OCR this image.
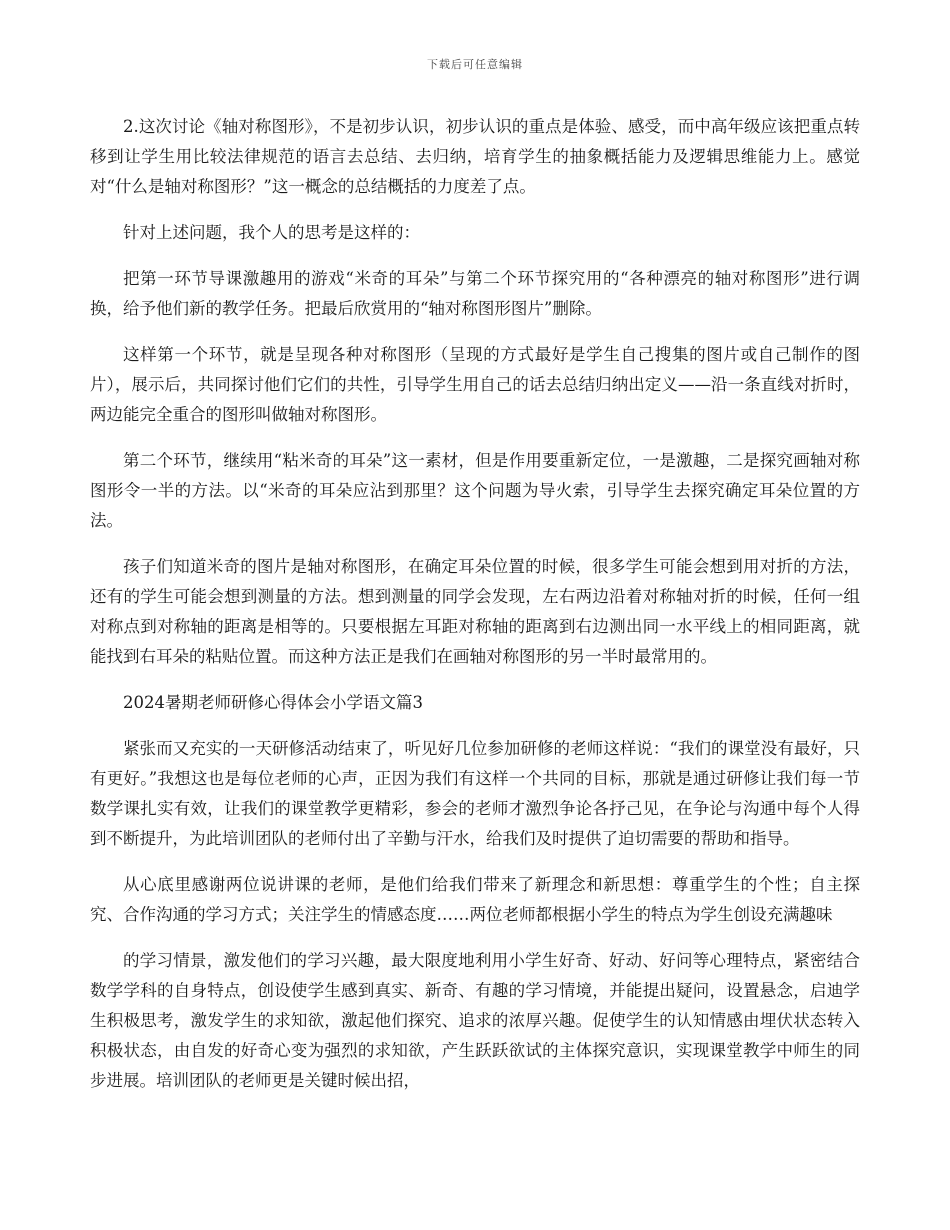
下载后可任意编辑

2.这次讨论《轴对称图形》，不是初步认识，初步认识的重点是体验、感受，而中高年级应该把重点转移到让学生用比较法律规范的语言去总结、去归纳，培育学生的抽象概括能力及逻辑思维能力上。感觉对“什么是轴对称图形？”这一概念的总结概括的力度差了点。

针对上述问题，我个人的思考是这样的：

把第一环节导课激趣用的游戏“米奇的耳朵”与第二个环节探究用的“各种漂亮的轴对称图形”进行调换，给予他们新的教学任务。把最后欣赏用的“轴对称图形图片”删除。

这样第一个环节，就是呈现各种对称图形（呈现的方式最好是学生自己搜集的图片或自己制作的图片），展示后，共同探讨他们它们的共性，引导学生用自己的话去总结归纳出定义——沿一条直线对折时，两边能完全重合的图形叫做轴对称图形。

第二个环节，继续用“粘米奇的耳朵”这一素材，但是作用要重新定位，一是激趣，二是探究画轴对称图形令一半的方法。以“米奇的耳朵应沾到那里？这个问题为导火索，引导学生去探究确定耳朵位置的方法。

孩子们知道米奇的图片是轴对称图形，在确定耳朵位置的时候，很多学生可能会想到用对折的方法，还有的学生可能会想到测量的方法。想到测量的同学会发现，左右两边沿着对称轴对折的时候，任何一组对称点到对称轴的距离是相等的。只要根据左耳距对称轴的距离到右边测出同一水平线上的相同距离，就能找到右耳朵的粘贴位置。而这种方法正是我们在画轴对称图形的另一半时最常用的。

2024暑期老师研修心得体会小学语文篇3

紧张而又充实的一天研修活动结束了，听见好几位参加研修的老师这样说：“我们的课堂没有最好，只有更好。”我想这也是每位老师的心声，正因为我们有这样一个共同的目标，那就是通过研修让我们每一节数学课扎实有效，让我们的课堂教学更精彩，参会的老师才激烈争论各抒己见，在争论与沟通中每个人得到不断提升，为此培训团队的老师付出了辛勤与汗水，给我们及时提供了迫切需要的帮助和指导。

从心底里感谢两位说讲课的老师，是他们给我们带来了新理念和新思想：尊重学生的个性；自主探究、合作沟通的学习方式；关注学生的情感态度……两位老师都根据小学生的特点为学生创设充满趣味

的学习情景，激发他们的学习兴趣，最大限度地利用小学生好奇、好动、好问等心理特点，紧密结合数学学科的自身特点，创设使学生感到真实、新奇、有趣的学习情境，并能提出疑问，设置悬念，启迪学生积极思考，激发学生的求知欲，激起他们探究、追求的浓厚兴趣。促使学生的认知情感由埋伏状态转入积极状态，由自发的好奇心变为强烈的求知欲，产生跃跃欲试的主体探究意识，实现课堂教学中师生的同步进展。培训团队的老师更是关键时候出招，
